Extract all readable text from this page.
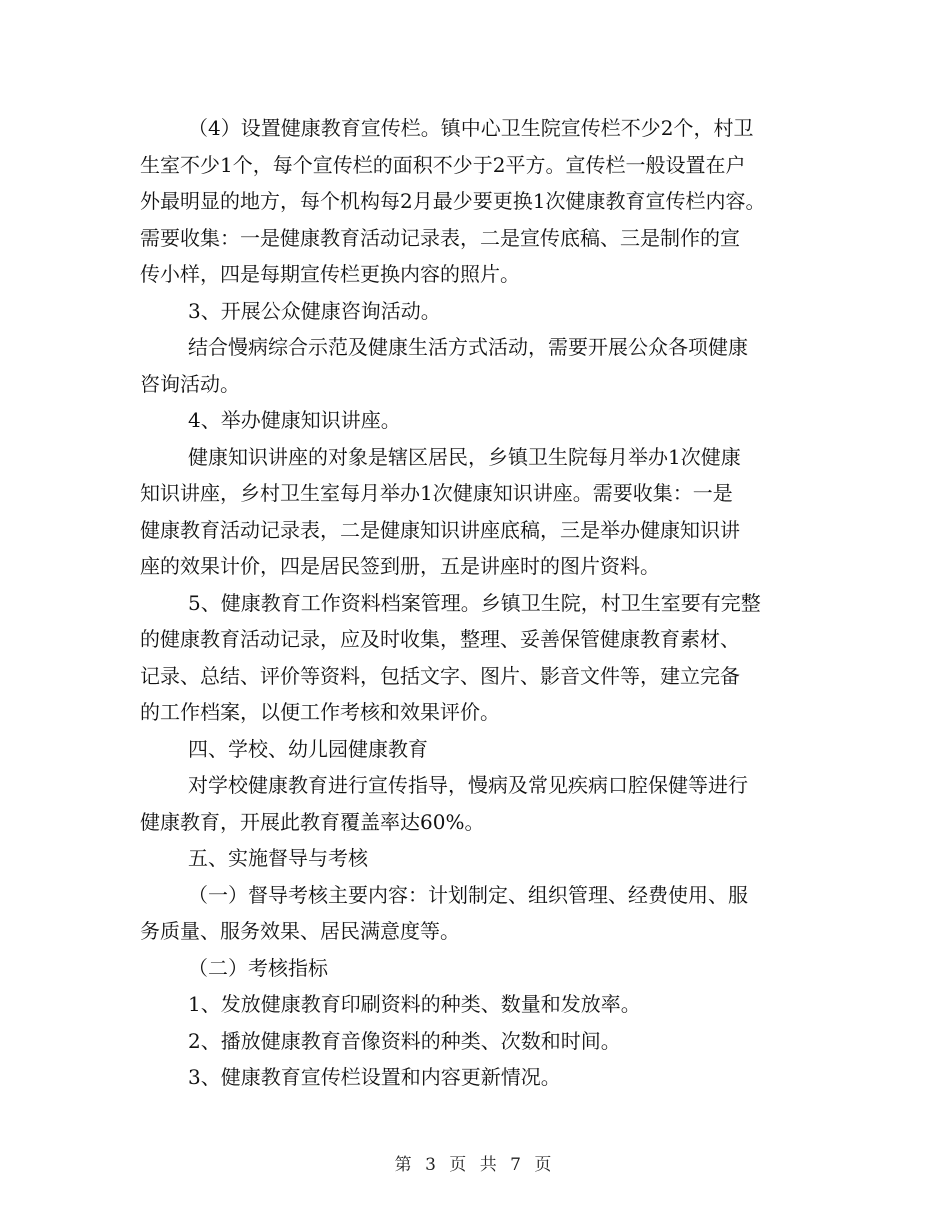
（4）设置健康教育宣传栏。镇中心卫生院宣传栏不少2个，村卫
生室不少1个，每个宣传栏的面积不少于2平方。宣传栏一般设置在户
外最明显的地方，每个机构每2月最少要更换1次健康教育宣传栏内容。
需要收集：一是健康教育活动记录表，二是宣传底稿、三是制作的宣
传小样，四是每期宣传栏更换内容的照片。
3、开展公众健康咨询活动。
结合慢病综合示范及健康生活方式活动，需要开展公众各项健康
咨询活动。
4、举办健康知识讲座。
健康知识讲座的对象是辖区居民，乡镇卫生院每月举办1次健康
知识讲座，乡村卫生室每月举办1次健康知识讲座。需要收集：一是
健康教育活动记录表，二是健康知识讲座底稿，三是举办健康知识讲
座的效果计价，四是居民签到册，五是讲座时的图片资料。
5、健康教育工作资料档案管理。乡镇卫生院，村卫生室要有完整
的健康教育活动记录，应及时收集，整理、妥善保管健康教育素材、
记录、总结、评价等资料，包括文字、图片、影音文件等，建立完备
的工作档案，以便工作考核和效果评价。
四、学校、幼儿园健康教育
对学校健康教育进行宣传指导，慢病及常见疾病口腔保健等进行
健康教育，开展此教育覆盖率达60%。
五、实施督导与考核
（一）督导考核主要内容：计划制定、组织管理、经费使用、服
务质量、服务效果、居民满意度等。
（二）考核指标
1、发放健康教育印刷资料的种类、数量和发放率。
2、播放健康教育音像资料的种类、次数和时间。
3、健康教育宣传栏设置和内容更新情况。
第 3 页 共 7 页
